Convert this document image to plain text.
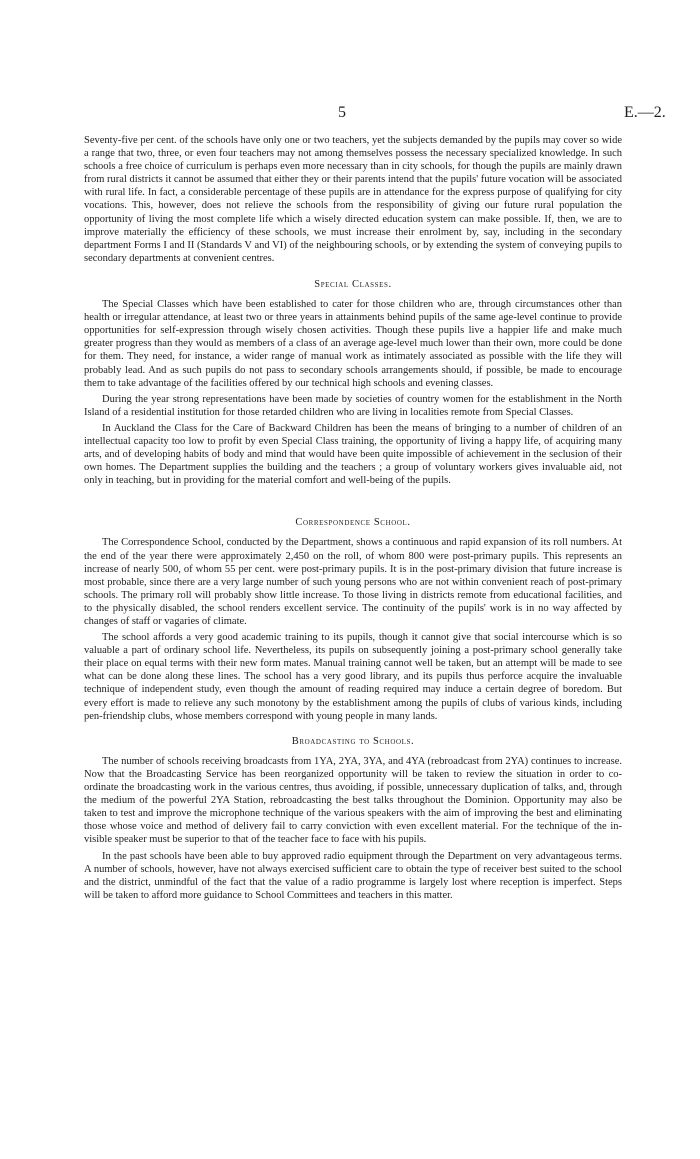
5	E.—2.

Seventy-five per cent. of the schools have only one or two teachers, yet the subjects demanded by the pupils may cover so wide a range that two, three, or even four teachers may not among themselves possess the necessary specialized knowledge. In such schools a free choice of curriculum is perhaps even more necessary than in city schools, for though the pupils are mainly drawn from rural districts it cannot be assumed that either they or their parents intend that the pupils' future vocation will be associated with rural life. In fact, a considerable percentage of these pupils are in attendance for the express purpose of qualifying for city vocations. This, however, does not relieve the schools from the responsibility of giving our future rural population the opportunity of living the most complete life which a wisely directed education system can make possible. If, then, we are to improve materially the efficiency of these schools, we must increase their enrolment by, say, including in the secondary department Forms I and II (Standards V and VI) of the neighbouring schools, or by extending the system of conveying pupils to secondary departments at convenient centres.

Special Classes.

The Special Classes which have been established to cater for those children who are, through circumstances other than health or irregular attendance, at least two or three years in attainments behind pupils of the same age-level continue to provide opportunities for self-expression through wisely chosen activities. Though these pupils live a happier life and make much greater progress than they would as members of a class of an average age-level much lower than their own, more could be done for them. They need, for instance, a wider range of manual work as intimately associated as possible with the life they will probably lead. And as such pupils do not pass to secondary schools arrangements should, if possible, be made to encourage them to take advantage of the facilities offered by our technical high schools and evening classes.

During the year strong representations have been made by societies of country women for the establishment in the North Island of a residential institution for those retarded children who are living in localities remote from Special Classes.

In Auckland the Class for the Care of Backward Children has been the means of bringing to a number of children of an intellectual capacity too low to profit by even Special Class training, the opportunity of living a happy life, of acquiring many arts, and of developing habits of body and mind that would have been quite impossible of achievement in the seclusion of their own homes. The Department supplies the building and the teachers ; a group of voluntary workers gives invaluable aid, not only in teaching, but in providing for the material comfort and well-being of the pupils.

Correspondence School.

The Correspondence School, conducted by the Department, shows a continuous and rapid expansion of its roll numbers. At the end of the year there were approximately 2,450 on the roll, of whom 800 were post-primary pupils. This represents an increase of nearly 500, of whom 55 per cent. were post-primary pupils. It is in the post-primary division that future increase is most probable, since there are a very large number of such young persons who are not within convenient reach of post-primary schools. The primary roll will probably show little increase. To those living in districts remote from educational facilities, and to the physically disabled, the school renders excellent service. The continuity of the pupils' work is in no way affected by changes of staff or vagaries of climate.

The school affords a very good academic training to its pupils, though it cannot give that social intercourse which is so valuable a part of ordinary school life. Nevertheless, its pupils on subsequently joining a post-primary school generally take their place on equal terms with their new form mates. Manual training cannot well be taken, but an attempt will be made to see what can be done along these lines. The school has a very good library, and its pupils thus perforce acquire the invaluable technique of independent study, even though the amount of reading required may induce a certain degree of boredom. But every effort is made to relieve any such monotony by the establishment among the pupils of clubs of various kinds, including pen-friendship clubs, whose members correspond with young people in many lands.

Broadcasting to Schools.

The number of schools receiving broadcasts from 1YA, 2YA, 3YA, and 4YA (rebroadcast from 2YA) continues to increase. Now that the Broadcasting Service has been reorganized opportunity will be taken to review the situation in order to co-ordinate the broadcasting work in the various centres, thus avoiding, if possible, unnecessary duplication of talks, and, through the medium of the powerful 2YA Station, rebroadcasting the best talks throughout the Dominion. Opportunity may also be taken to test and improve the microphone technique of the various speakers with the aim of improving the best and eliminating those whose voice and method of delivery fail to carry conviction with even excellent material. For the technique of the in-visible speaker must be superior to that of the teacher face to face with his pupils.

In the past schools have been able to buy approved radio equipment through the Department on very advantageous terms. A number of schools, however, have not always exercised sufficient care to obtain the type of receiver best suited to the school and the district, unmindful of the fact that the value of a radio programme is largely lost where reception is imperfect. Steps will be taken to afford more guidance to School Committees and teachers in this matter.
